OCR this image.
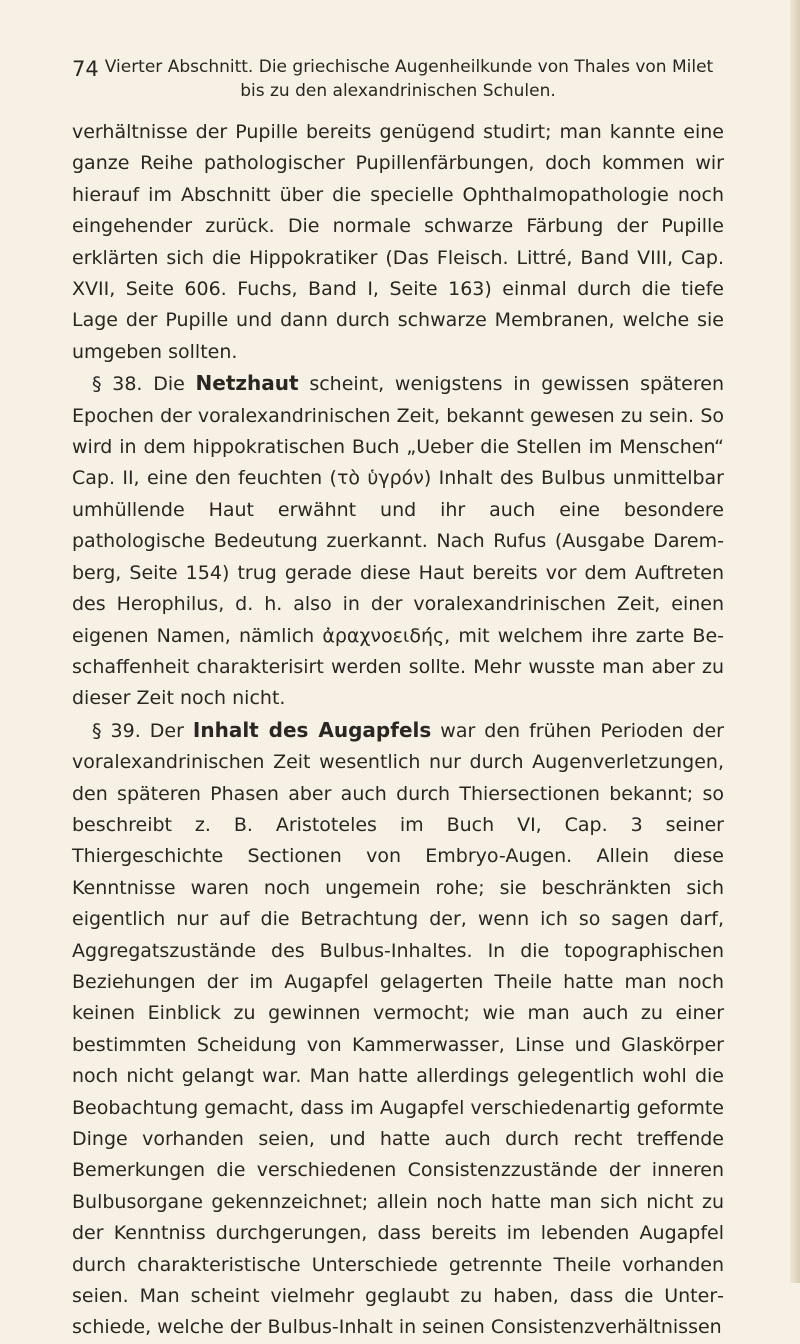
74 Vierter Abschnitt. Die griechische Augenheilkunde von Thales von Milet
bis zu den alexandrinischen Schulen.

verhältnisse der Pupille bereits genügend studirt; man kannte eine ganze Reihe pathologischer Pupillenfärbungen, doch kommen wir hierauf im Abschnitt über die specielle Ophthalmopathologie noch eingehender zurück. Die normale schwarze Färbung der Pupille erklärten sich die Hippokratiker (Das Fleisch. Littré, Band VIII, Cap. XVII, Seite 606. Fuchs, Band I, Seite 163) einmal durch die tiefe Lage der Pupille und dann durch schwarze Membranen, welche sie umgeben sollten.

§ 38. Die Netzhaut scheint, wenigstens in gewissen späteren Epochen der voralexandrinischen Zeit, bekannt gewesen zu sein. So wird in dem hippokratischen Buch „Ueber die Stellen im Menschen“ Cap. II, eine den feuchten (τὸ ὑγρόν) Inhalt des Bulbus unmittelbar umhüllende Haut erwähnt und ihr auch eine besondere pathologische Bedeutung zuerkannt. Nach Rufus (Ausgabe Daremberg, Seite 154) trug gerade diese Haut bereits vor dem Auftreten des Herophilus, d. h. also in der voralexandrinischen Zeit, einen eigenen Namen, nämlich ἀραχνοειδής, mit welchem ihre zarte Beschaffenheit charakterisirt werden sollte. Mehr wusste man aber zu dieser Zeit noch nicht.

§ 39. Der Inhalt des Augapfels war den frühen Perioden der voralexandrinischen Zeit wesentlich nur durch Augenverletzungen, den späteren Phasen aber auch durch Thiersectionen bekannt; so beschreibt z. B. Aristoteles im Buch VI, Cap. 3 seiner Thiergeschichte Sectionen von Embryo-Augen. Allein diese Kenntnisse waren noch ungemein rohe; sie beschränkten sich eigentlich nur auf die Betrachtung der, wenn ich so sagen darf, Aggregatszustände des Bulbus-Inhaltes. In die topographischen Beziehungen der im Augapfel gelagerten Theile hatte man noch keinen Einblick zu gewinnen vermocht; wie man auch zu einer bestimmten Scheidung von Kammerwasser, Linse und Glaskörper noch nicht gelangt war. Man hatte allerdings gelegentlich wohl die Beobachtung gemacht, dass im Augapfel verschiedenartig geformte Dinge vorhanden seien, und hatte auch durch recht treffende Bemerkungen die verschiedenen Consistenzzustände der inneren Bulbusorgane gekennzeichnet; allein noch hatte man sich nicht zu der Kenntniss durchgerungen, dass bereits im lebenden Augapfel durch charakteristische Unterschiede getrennte Theile vorhanden seien. Man scheint vielmehr geglaubt zu haben, dass die Unterschiede, welche der Bulbus-Inhalt in seinen Consistenzverhältnissen
